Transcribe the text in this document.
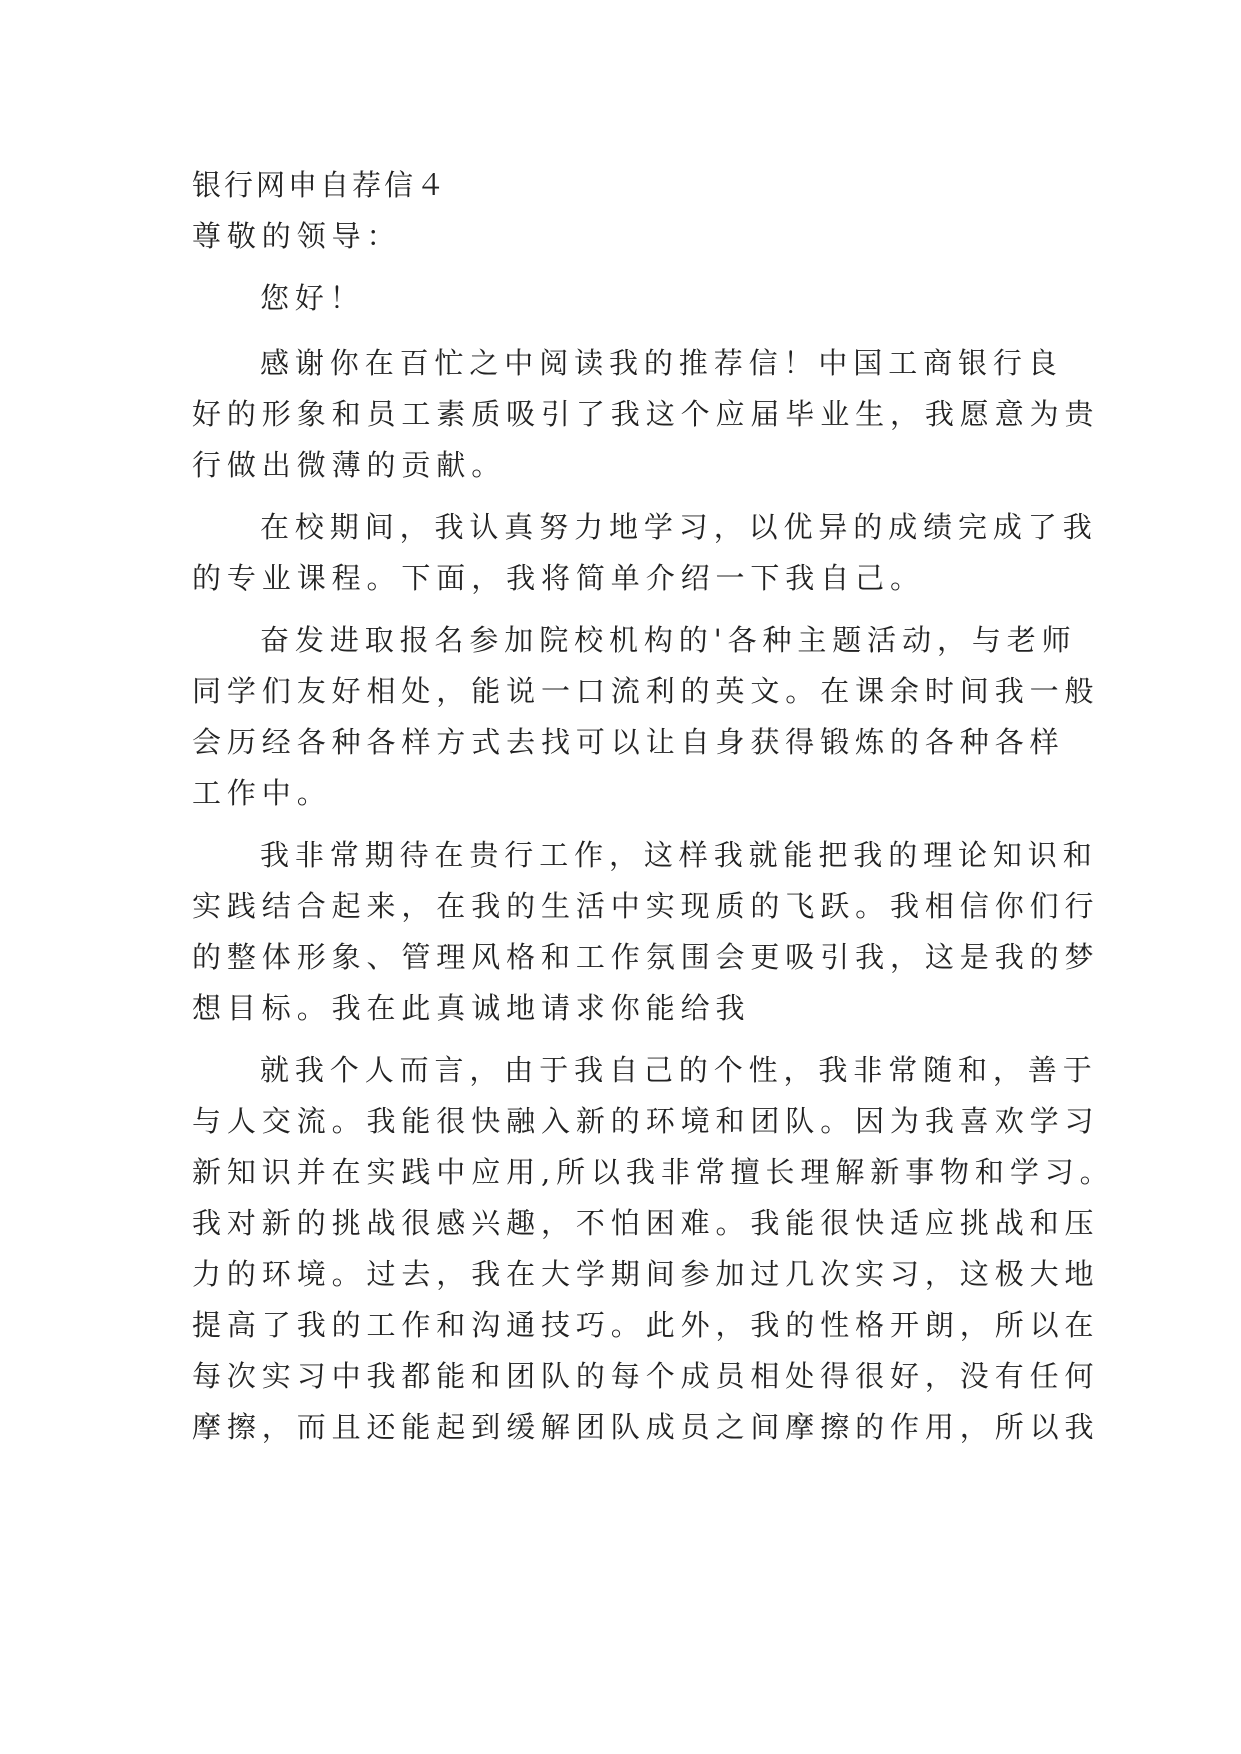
银行网申自荐信４
尊敬的领导：
您好！
感谢你在百忙之中阅读我的推荐信！中国工商银行良
好的形象和员工素质吸引了我这个应届毕业生，我愿意为贵
行做出微薄的贡献。
在校期间，我认真努力地学习，以优异的成绩完成了我
的专业课程。下面，我将简单介绍一下我自己。
奋发进取报名参加院校机构的'各种主题活动，与老师
同学们友好相处，能说一口流利的英文。在课余时间我一般
会历经各种各样方式去找可以让自身获得锻炼的各种各样
工作中。
我非常期待在贵行工作，这样我就能把我的理论知识和
实践结合起来，在我的生活中实现质的飞跃。我相信你们行
的整体形象、管理风格和工作氛围会更吸引我，这是我的梦
想目标。我在此真诚地请求你能给我
就我个人而言，由于我自己的个性，我非常随和，善于
与人交流。我能很快融入新的环境和团队。因为我喜欢学习
新知识并在实践中应用,所以我非常擅长理解新事物和学习。
我对新的挑战很感兴趣，不怕困难。我能很快适应挑战和压
力的环境。过去，我在大学期间参加过几次实习，这极大地
提高了我的工作和沟通技巧。此外，我的性格开朗，所以在
每次实习中我都能和团队的每个成员相处得很好，没有任何
摩擦，而且还能起到缓解团队成员之间摩擦的作用，所以我
